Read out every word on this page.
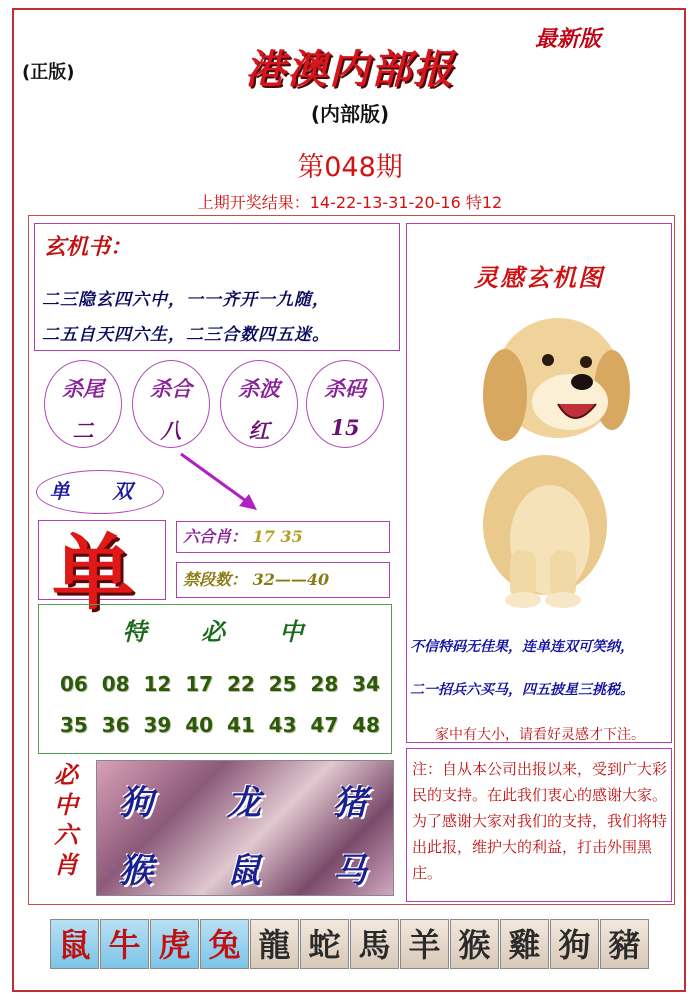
(正版)
最新版
港澳内部报
(内部版)
第048期
上期开奖结果：14-22-13-31-20-16 特12
玄机书：
二三隐玄四六中，一一齐开一九随，
二五自天四六生，二三合数四五迷。
杀尾
二
杀合
八
杀波
红
杀码
15
单 双
单	六合肖： 17 35
禁段数： 32——40
特 必 中
06 08 12 17 22 25 28 34
35 36 39 40 41 43 47 48
必
中
六
肖
狗 龙 猪
猴 鼠 马
灵感玄机图
不信特码无佳果，连单连双可笑纳，
二一招兵六买马，四五披星三挑税。
家中有大小，请看好灵感才下注。
注：自从本公司出报以来，受到广大彩民的支持。在此我们衷心的感谢大家。为了感谢大家对我们的支持，我们将特出此报，维护大的利益，打击外围黑庄。
鼠 牛 虎 兔 龍 蛇 馬 羊 猴 雞 狗 豬
